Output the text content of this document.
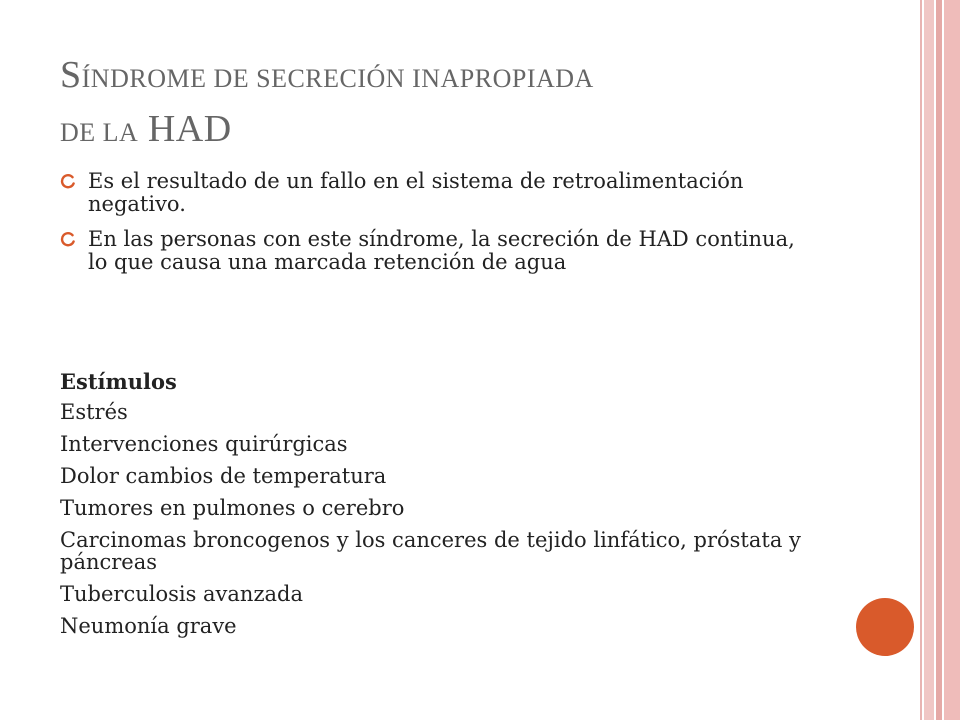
SÍNDROME DE SECRECIÓN INAPROPIADA
DE LA HAD
Es el resultado de un fallo en el sistema de retroalimentación negativo.
En las personas con este síndrome, la secreción de HAD continua, lo que causa una marcada retención de agua
Estímulos
Estrés
Intervenciones quirúrgicas
Dolor cambios de temperatura
Tumores en pulmones o cerebro
Carcinomas broncogenos y los canceres de tejido linfático, próstata y páncreas
Tuberculosis avanzada
Neumonía grave
